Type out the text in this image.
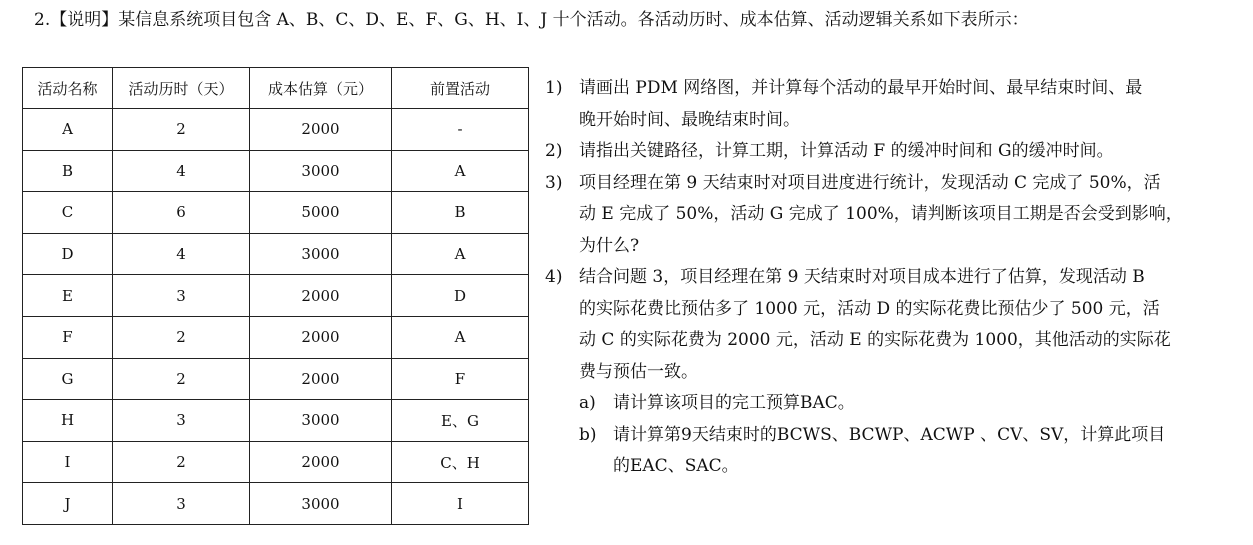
2.【说明】某信息系统项目包含 A、B、C、D、E、F、G、H、I、J 十个活动。各活动历时、成本估算、活动逻辑关系如下表所示：
活动名称	活动历时（天）	成本估算（元）	前置活动
A	2	2000	-
B	4	3000	A
C	6	5000	B
D	4	3000	A
E	3	2000	D
F	2	2000	A
G	2	2000	F
H	3	3000	E、G
I	2	2000	C、H
J	3	3000	I
1) 请画出 PDM 网络图，并计算每个活动的最早开始时间、最早结束时间、最
晚开始时间、最晚结束时间。
2) 请指出关键路径，计算工期，计算活动 F 的缓冲时间和 G的缓冲时间。
3) 项目经理在第 9 天结束时对项目进度进行统计，发现活动 C 完成了 50%，活
动 E 完成了 50%，活动 G 完成了 100%，请判断该项目工期是否会受到影响，
为什么?
4) 结合问题 3，项目经理在第 9 天结束时对项目成本进行了估算，发现活动 B
的实际花费比预估多了 1000 元，活动 D 的实际花费比预估少了 500 元，活
动 C 的实际花费为 2000 元，活动 E 的实际花费为 1000，其他活动的实际花
费与预估一致。
a)	请计算该项目的完工预算BAC。
b) 请计算第9天结束时的BCWS、BCWP、ACWP 、CV、SV，计算此项目
的EAC、SAC。
